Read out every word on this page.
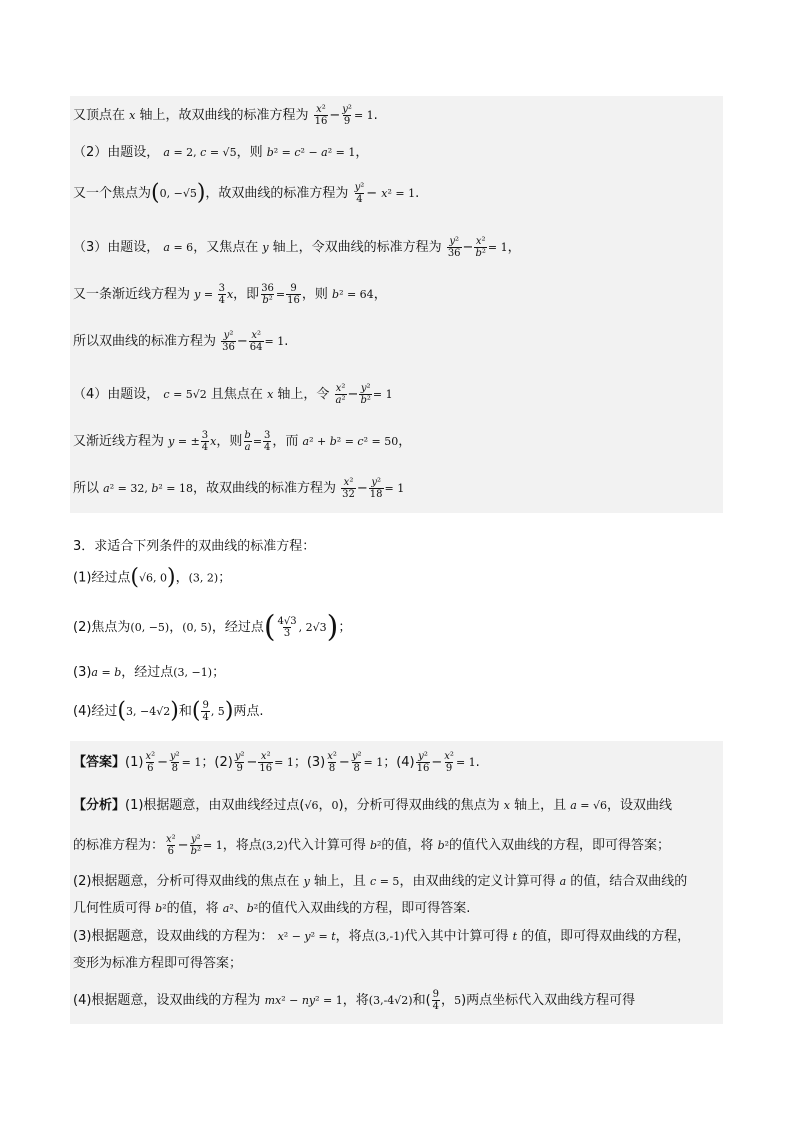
又顶点在 x 轴上，故双曲线的标准方程为 $\frac{\text{x²}}{16} - \frac{\text{y²}}{9} = 1$.
（2）由题设， a = 2, c = √5，则 b² = c² − a² = 1，
又一个焦点为(0, −√5)，故双曲线的标准方程为 $\frac{\text{y²}}{4} - x^2 = 1$.
（3）由题设， a = 6，又焦点在 y 轴上，令双曲线的标准方程为 $\frac{\text{y²}}{36} - \frac{\text{x²}}{\text{b²}} = 1$，
又一条渐近线方程为 $y = \frac{3}{4}$ x，即 $\frac{36}{\text{b²}} = \frac{9}{16}$ ，则 b² = 64，
所以双曲线的标准方程为 $\frac{\text{y²}}{36} - \frac{\text{x²}}{64} = 1$.
（4）由题设， c = 5√2 且焦点在 x 轴上，令 $\frac{\text{x²}}{\text{a²}} - \frac{\text{y²}}{\text{b²}} = 1$
又渐近线方程为 y = ± $\frac{3}{4}$ x，则 $\frac{b}{a} = \frac{3}{4}$ ，而 a² + b² = c² = 50，
所以 a² = 32, b² = 18，故双曲线的标准方程为 $\frac{\text{x²}}{32} - \frac{\text{y²}}{18} = 1$
3．求适合下列条件的双曲线的标准方程：
(1)经过点(√6, 0)，(3, 2)；
(2)焦点为(0, −5)，(0, 5)，经过点( $\frac{4√3}{3}$ , 2√3)；
(3)a = b，经过点(3, −1)；
(4)经过(3, −4√2)和( $\frac{9}{4}$ , 5)两点.
【答案】$(1) \frac{\text{x²}}{6} - \frac{\text{y²}}{8} = 1$；$(2) \frac{\text{y²}}{9} - \frac{\text{x²}}{16} = 1$；$(3) \frac{\text{x²}}{8} - \frac{\text{y²}}{8} = 1$；$(4) \frac{\text{y²}}{16} - \frac{\text{x²}}{9} = 1$.
【分析】(1)根据题意，由双曲线经过点(√6，0)，分析可得双曲线的焦点为 x 轴上，且 a = √6，设双曲线
的标准方程为： $\frac{\text{x²}}{6} - \frac{\text{y²}}{\text{b²}} = 1$，将点(3,2)代入计算可得 b²的值，将 b²的值代入双曲线的方程，即可得答案；
(2)根据题意，分析可得双曲线的焦点在 y 轴上，且 c = 5，由双曲线的定义计算可得 a 的值，结合双曲线的
几何性质可得 b²的值，将 a²、b²的值代入双曲线的方程，即可得答案.
(3)根据题意，设双曲线的方程为： x² − y² = t，将点(3,-1)代入其中计算可得 t 的值，即可得双曲线的方程，
变形为标准方程即可得答案；
(4)根据题意，设双曲线的方程为 mx² − ny² = 1，将(3,-4√2)和( $\frac{9}{4}$ ，5)两点坐标代入双曲线方程可得
